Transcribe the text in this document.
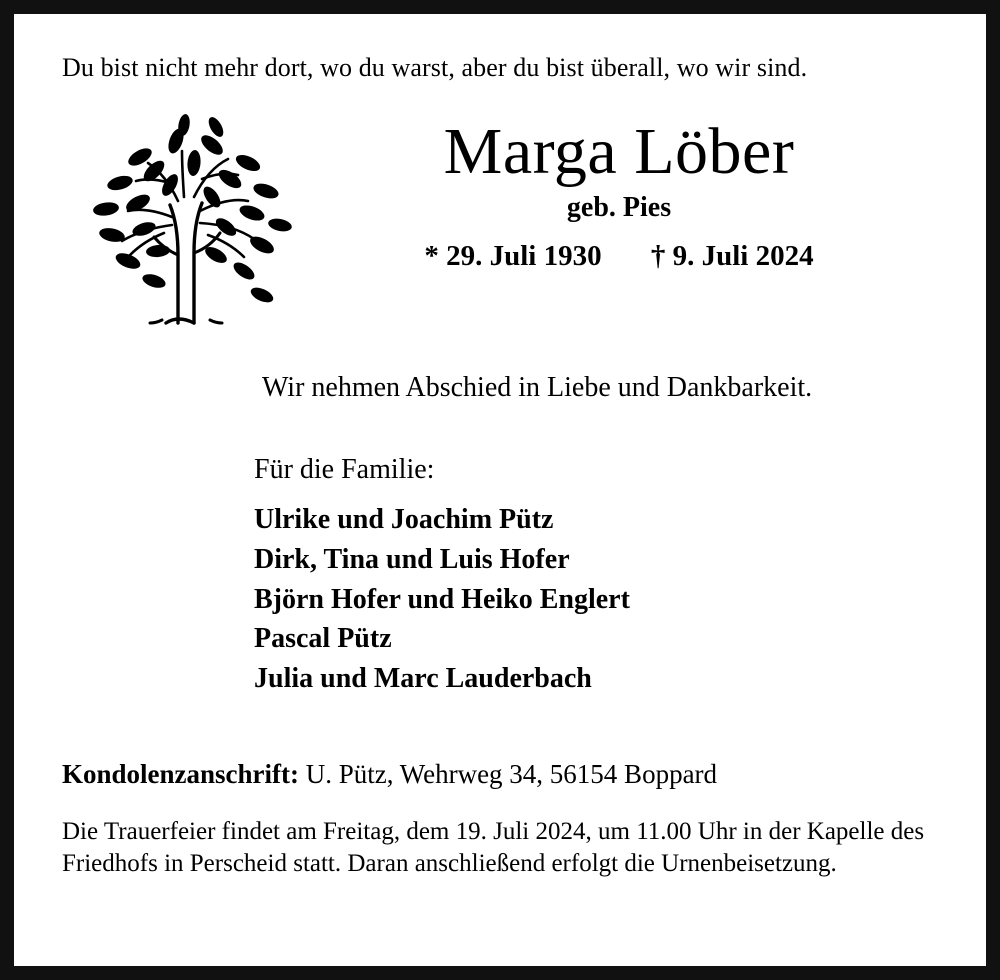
Du bist nicht mehr dort, wo du warst, aber du bist überall, wo wir sind.

Marga Löber
geb. Pies
* 29. Juli 1930 † 9. Juli 2024

Wir nehmen Abschied in Liebe und Dankbarkeit.

Für die Familie:

Ulrike und Joachim Pütz
Dirk, Tina und Luis Hofer
Björn Hofer und Heiko Englert
Pascal Pütz
Julia und Marc Lauderbach

Kondolenzanschrift: U. Pütz, Wehrweg 34, 56154 Boppard

Die Trauerfeier findet am Freitag, dem 19. Juli 2024, um 11.00 Uhr in der Kapelle des Friedhofs in Perscheid statt. Daran anschließend erfolgt die Urnenbeisetzung.
